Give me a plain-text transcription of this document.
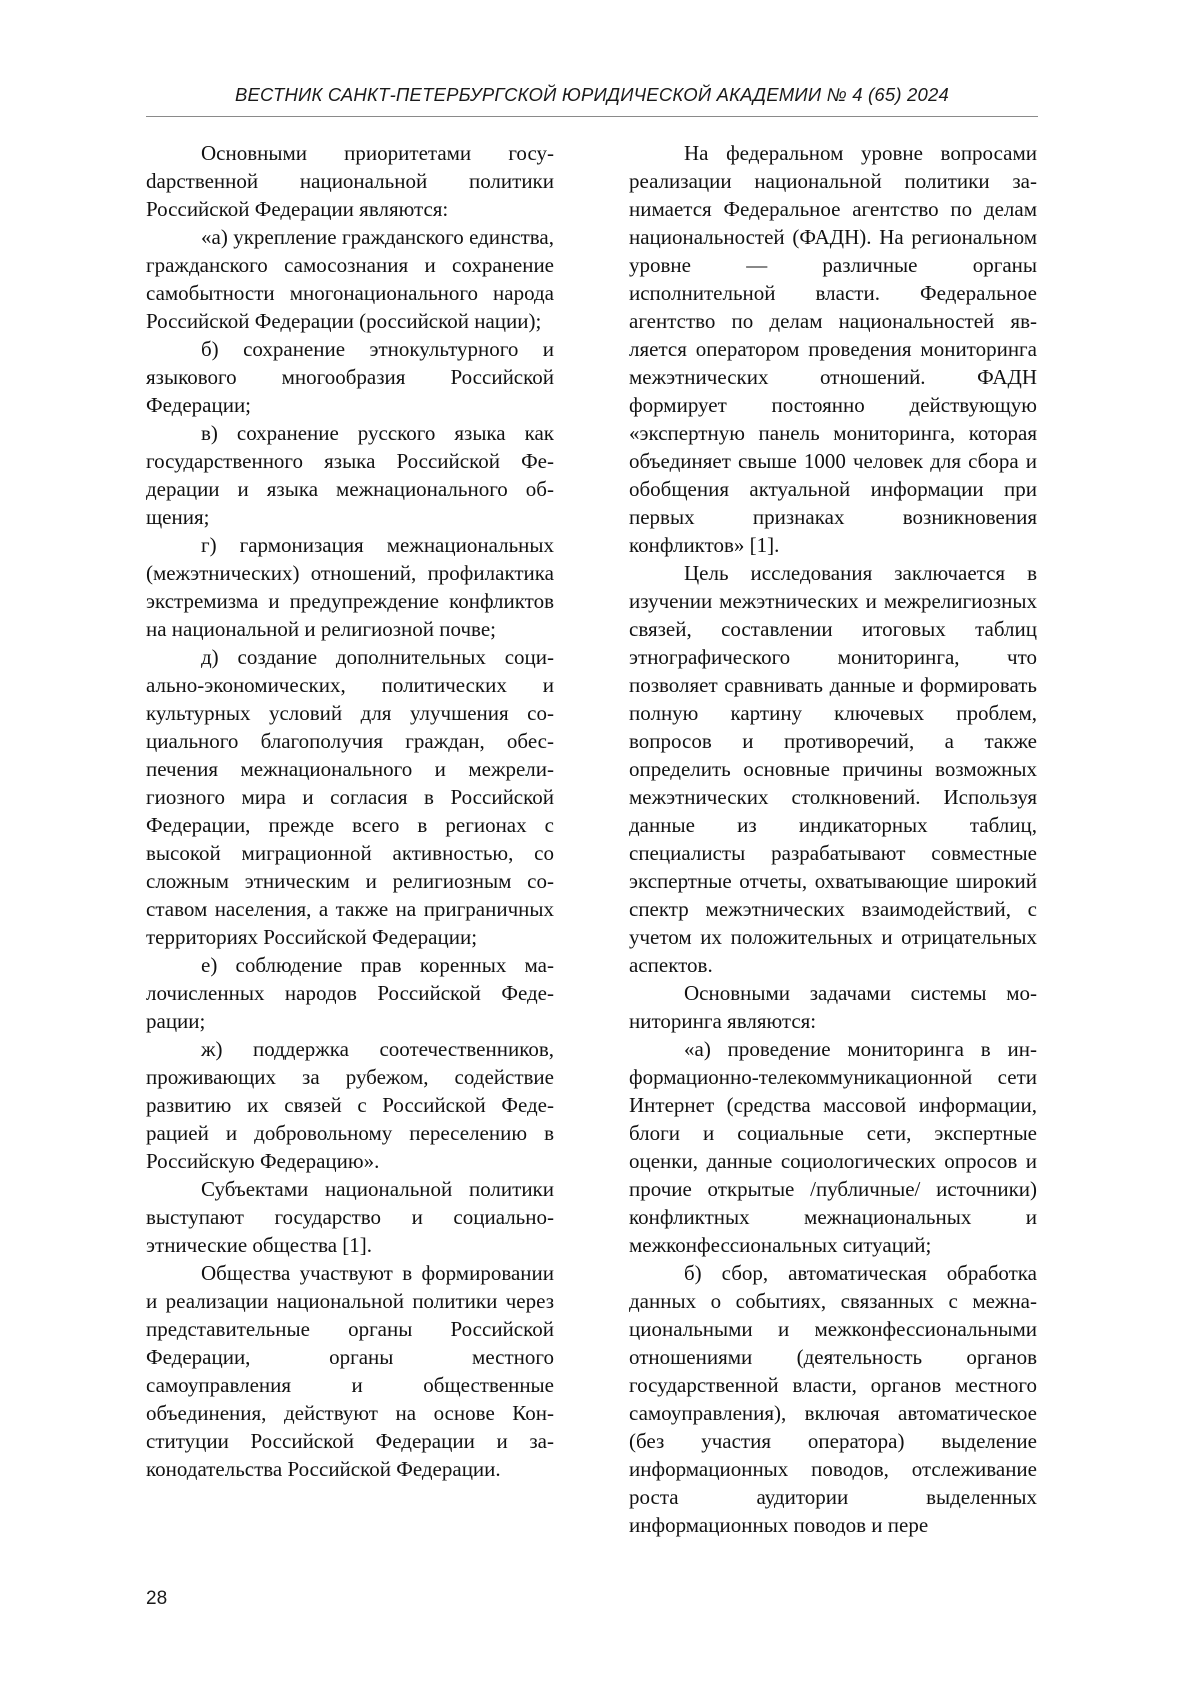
ВЕСТНИК САНКТ-ПЕТЕРБУРГСКОЙ ЮРИДИЧЕСКОЙ АКАДЕМИИ № 4 (65) 2024

Основными приоритетами госуdарственной национальной политики Российской Федерации являются:

«а) укрепление гражданского единства, гражданского самосознания и сохранение самобытности многонационального народа Российской Федерации (российской нации);

б) сохранение этнокультурного и языкового многообразия Российской Федерации;

в) сохранение русского языка как государственного языка Российской Федерации и языка межнационального общения;

г) гармонизация межнациональных (межэтнических) отношений, профилактика экстремизма и предупреждение конфликтов на национальной и религиозной почве;

д) создание дополнительных социально-экономических, политических и культурных условий для улучшения социального благополучия граждан, обеспечения межнационального и межрелигиозного мира и согласия в Российской Федерации, прежде всего в регионах с высокой миграционной активностью, со сложным этническим и религиозным составом населения, а также на приграничных территориях Российской Федерации;

е) соблюдение прав коренных малочисленных народов Российской Федерации;

ж) поддержка соотечественников, проживающих за рубежом, содействие развитию их связей с Российской Федерацией и добровольному переселению в Российскую Федерацию».

Субъектами национальной политики выступают государство и социально-этнические общества [1].

Общества участвуют в формировании и реализации национальной политики через представительные органы Российской Федерации, органы местного самоуправления и общественные объединения, действуют на основе Конституции Российской Федерации и законодательства Российской Федерации.

На федеральном уровне вопросами реализации национальной политики занимается Федеральное агентство по делам национальностей (ФАДН). На региональном уровне — различные органы исполнительной власти. Федеральное агентство по делам национальностей является оператором проведения мониторинга межэтнических отношений. ФАДН формирует постоянно действующую «экспертную панель мониторинга, которая объединяет свыше 1000 человек для сбора и обобщения актуальной информации при первых признаках возникновения конфликтов» [1].

Цель исследования заключается в изучении межэтнических и межрелигиозных связей, составлении итоговых таблиц этнографического мониторинга, что позволяет сравнивать данные и формировать полную картину ключевых проблем, вопросов и противоречий, а также определить основные причины возможных межэтнических столкновений. Используя данные из индикаторных таблиц, специалисты разрабатывают совместные экспертные отчеты, охватывающие широкий спектр межэтнических взаимодействий, с учетом их положительных и отрицательных аспектов.

Основными задачами системы мониторинга являются:

«а) проведение мониторинга в информационно-телекоммуникационной сети Интернет (средства массовой информации, блоги и социальные сети, экспертные оценки, данные социологических опросов и прочие открытые /публичные/ источники) конфликтных межнациональных и межконфессиональных ситуаций;

б) сбор, автоматическая обработка данных о событиях, связанных с межнациональными и межконфессиональными отношениями (деятельность органов государственной власти, органов местного самоуправления), включая автоматическое (без участия оператора) выделение информационных поводов, отслеживание роста аудитории выделенных информационных поводов и пере

28
